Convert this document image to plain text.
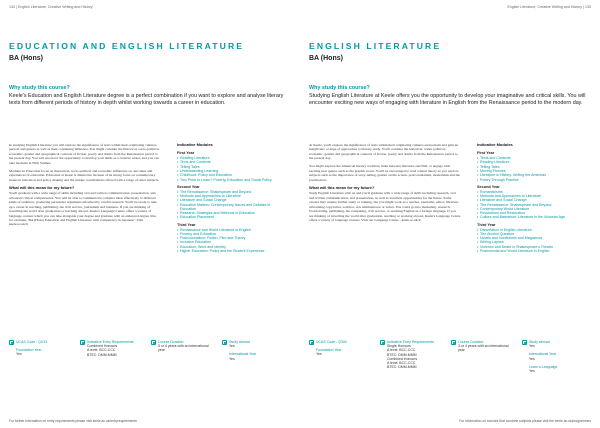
134 | English Literature, Creative Writing and History
EDUCATION AND ENGLISH LITERATURE
BA (Hons)
Why study this course?

Keele's Education and English Literature degree is a perfect combination if you want to explore and analyse literary texts from different periods of history in depth whilst working towards a career in education.

In studying English Literature you will explore the significance of texts within their originating cultures, periods and genres as well as their continuing influence. You might consider the historical, socio-political, economic, gender and geographical contexts of fiction, poetry and drama from the Renaissance period to the present day. You will also have the opportunity to develop your skills as a creative writer, and you can take modules in Film Studies.

Modules in Education focus on theoretical, socio-political and economic influences on outcomes and experiences of education. Education at Keele is distinctive because of its strong focus on contemporary issues in education and policy making and the unique contributions offered with a range of other subjects.

What will this mean for my future?

You'll graduate with a wide range of skills including oral and written communication, presentation, and advanced critical competencies. You will be able to communicate complex ideas effectively to different kinds of audience, producing persuasive arguments informed by careful research. You'll be ready to take up a career in teaching, publishing, the civil service, journalism and business. If you are thinking of travelling the world after graduation or teaching abroad, Keele's Language Centre offers a variety of language courses which you can take alongside your degree and graduate with an enhanced degree title, for example, 'BA (Hons) Education and English Literature with competency in Japanese'. Visit keele.ac.uk/lc

Indicative Modules
First Year
• Reading Literature
• Texts and Contexts
• Telling Tales
• Understanding Learning
• Childhood: Policy and Education
• Two Prom to Learn? Poverty, Education and Social Policy
Second Year
• The Renaissance: Shakespeare and Beyond
• Methods and Approaches to Literature
• Literature and Social Change
• Education Matters: Contemporary Issues and Debates in Education
• Research Strategies and Methods in Education
• Education Placement
Third Year
• Renaissance and World Literature in English
• Poverty and Education
• Postcolonialism: Fiction, Film and Theory
• Inclusive Education
• Education, Work and Identity
• Higher Education: Policy and the Student Experience
UCAS Code - QX33
Foundation Year
Yes
Indicative Entry Requirements
Combined Honours
A level: BCC-CCC
BTEC: DMM-MMM
Course Duration
3 or 4 years with an international year
Study abroad
Yes
International Year
Yes
For further information on entry requirements please visit keele.ac.uk/entryrequirements
English Literature, Creative Writing and History | 135
ENGLISH LITERATURE
BA (Hons)
Why study this course?

Studying English Literature at Keele offers you the opportunity to develop your imaginative and critical skills. You will encounter exciting new ways of engaging with literature in English from the Renaissance period to the modern day.

At Keele, you'll explore the significance of texts within their originating cultures and periods and gain an insight into a range of approaches to literary study. You'll consider the historical, wider political, economic, gender and geographical contexts of fiction, poetry and drama from the Renaissance period to the present day.

You might explore the American literary tradition, links between literature and film, or engage with exciting new genres such as the graphic novel. You'll be encouraged to read critical theory as you explore subjects such as the importance of story-telling, gender on the screen, postcolonialism, modernism and the postmodern.

What will this mean for my future?

Study English Literature with us and you'll graduate with a wide range of skills including research, oral and written communication, and presentation, as well as excellent opportunities for the future. Some careers may require further study or training, but you might work as a teacher, journalist, editor, librarian, advertising copywriter, solicitor, arts administrator or writer. You could go into marketing, research, broadcasting, publishing, the computing, civil service, or teaching English as a foreign language. If you are thinking of travelling the world after graduation, teaching or working abroad, Keele's Language Centre offers a variety of language courses. Visit our Language Centre - keele.ac.uk/lc

Indicative Modules
First Year
• Texts and Contexts
• Reading Literature
• Telling Tales
• Moving Pictures
• Literature in History: Writing the Americas
• Poetry Through Practice
Second Year
• Romanticisms
• Methods and Approaches to Literature
• Literature and Social Change
• The Renaissance: Shakespeare and Beyond
• Contemporary World Literature
• Revolutions and Restoration
• Culture and Barbarism: Literature in the Victorian Age
Third Year
• Dissertation in English Literature
• The Alcohol Question
• Novels and Nonfictions and Magazines
• Writing Lapses
• Violence and Death in Shakespeare's Theatre
• Postcolonial and World Literature in English
UCAS Code - Q300
Foundation Year
Yes
Indicative Entry Requirements
Single Honours
A level: BCC-CCC
BTEC: DMM-MMM
Combined Honours
A level: BCC-CCC
BTEC: DMM-MMM
Course Duration
3 or 4 years with an international year
Study abroad
Yes
International Year
Yes
Learn a Language
Yes
For information on courses that combine subjects please visit the keele.ac.uk/programmes
